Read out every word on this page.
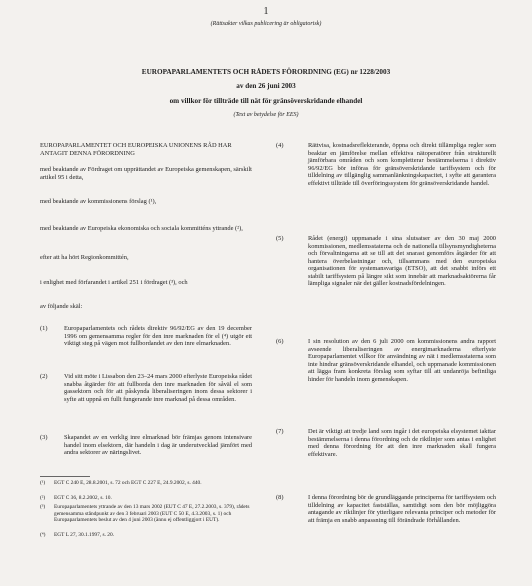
1
(Rättsakter vilkas publicering är obligatorisk)
EUROPAPARLAMENTETS OCH RÅDETS FÖRORDNING (EG) nr 1228/2003
av den 26 juni 2003
om villkor för tillträde till nät för gränsöverskridande elhandel
(Text av betydelse för EES)
EUROPAPARLAMENTET OCH EUROPEISKA UNIONENS RÅD HAR ANTAGIT DENNA FÖRORDNING
med beaktande av Fördraget om upprättandet av Europeiska gemenskapen, särskilt artikel 95 i detta,
med beaktande av kommissionens förslag (¹),
med beaktande av Europeiska ekonomiska och sociala kommitténs yttrande (²),
efter att ha hört Regionkommittén,
i enlighet med förfarandet i artikel 251 i fördraget (³), och
av följande skäl:
(1)	Europaparlamentets och rådets direktiv 96/92/EG av den 19 december 1996 om gemensamma regler för den inre marknaden för el (⁴) utgör ett viktigt steg på vägen mot fullbordandet av den inre elmarknaden.
(2)	Vid sitt möte i Lissabon den 23–24 mars 2000 efterlyste Europeiska rådet snabba åtgärder för att fullborda den inre marknaden för såväl el som gassektorn och för att påskynda liberaliseringen inom dessa sektorer i syfte att uppnå en fullt fungerande inre marknad på dessa områden.
(3)	Skapandet av en verklig inre elmarknad bör främjas genom intensivare handel inom elsektorn, där handeln i dag är underutvecklad jämfört med andra sektorer av näringslivet.
(¹) EGT C 240 E, 28.8.2001, s. 72 och EGT C 227 E, 24.9.2002, s. 440.
(²) EGT C 36, 8.2.2002, s. 10.
(³) Europaparlamentets yttrande av den 13 mars 2002 (EUT C 47 E, 27.2.2003, s. 379), rådets gemensamma ståndpunkt av den 3 februari 2003 (EUT C 50 E, 4.3.2003, s. 1) och Europaparlamentets beslut av den 4 juni 2003 (ännu ej offentliggjort i EUT).
(⁴) EGT L 27, 30.1.1997, s. 20.
(4)	Rättvisa, kostnadsreflekterande, öppna och direkt tillämpliga regler som beaktar en jämförelse mellan effektiva nätoperatörer från strukturellt jämförbara områden och som kompletterar bestämmelserna i direktiv 96/92/EG bör införas för gränsöverskridande tariffsystem och för tilldelning av tillgänglig sammanlänkningskapacitet, i syfte att garantera effektivt tillträde till överföringssystem för gränsöverskridande handel.
(5)	Rådet (energi) uppmanade i sina slutsatser av den 30 maj 2000 kommissionen, medlemsstaterna och de nationella tillsynsmyndigheterna och förvaltningarna att se till att det snarast genomförs åtgärder för att hantera överbelastningar och, tillsammans med den europeiska organisationen för systemansvariga (ETSO), att det snabbt införs ett stabilt tariffsystem på längre sikt som innebär att marknadsaktörerna får lämpliga signaler när det gäller kostnadsfördelningen.
(6)	I sin resolution av den 6 juli 2000 om kommissionens andra rapport avseende liberaliseringen av energimarknaderna efterlyste Europaparlamentet villkor för användning av nät i medlemsstaterna som inte hindrar gränsöverskridande elhandel, och uppmanade kommissionen att lägga fram konkreta förslag som syftar till att undanröja befintliga hinder för handeln inom gemenskapen.
(7)	Det är viktigt att tredje land som ingår i det europeiska elsystemet iakttar bestämmelserna i denna förordning och de riktlinjer som antas i enlighet med denna förordning för att den inre marknaden skall fungera effektivare.
(8)	I denna förordning bör de grundläggande principerna för tariffsystem och tilldelning av kapacitet fastställas, samtidigt som den bör möjliggöra antagande av riktlinjer för ytterligare relevanta principer och metoder för att främja en snabb anpassning till förändrade förhållanden.
